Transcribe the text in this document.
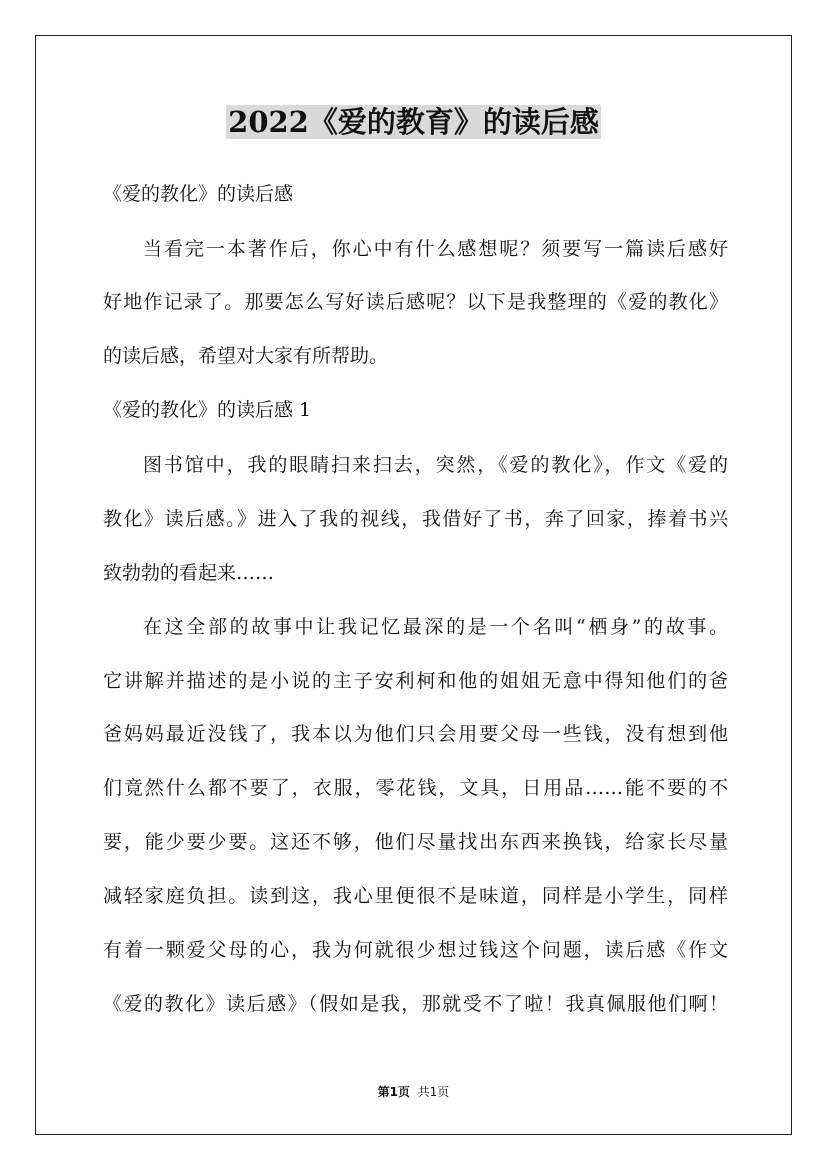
2022《爱的教育》的读后感
《爱的教化》的读后感
当看完一本著作后，你心中有什么感想呢？须要写一篇读后感好
好地作记录了。那要怎么写好读后感呢？以下是我整理的《爱的教化》
的读后感，希望对大家有所帮助。
《爱的教化》的读后感 1
图书馆中，我的眼睛扫来扫去，突然，《爱的教化》，作文《爱的
教化》读后感。》进入了我的视线，我借好了书，奔了回家，捧着书兴
致勃勃的看起来……
在这全部的故事中让我记忆最深的是一个名叫“栖身”的故事。
它讲解并描述的是小说的主子安利柯和他的姐姐无意中得知他们的爸
爸妈妈最近没钱了，我本以为他们只会用要父母一些钱，没有想到他
们竟然什么都不要了，衣服，零花钱，文具，日用品……能不要的不
要，能少要少要。这还不够，他们尽量找出东西来换钱，给家长尽量
减轻家庭负担。读到这，我心里便很不是味道，同样是小学生，同样
有着一颗爱父母的心，我为何就很少想过钱这个问题，读后感《作文
《爱的教化》读后感》（假如是我，那就受不了啦！我真佩服他们啊！
第1页 共1页
